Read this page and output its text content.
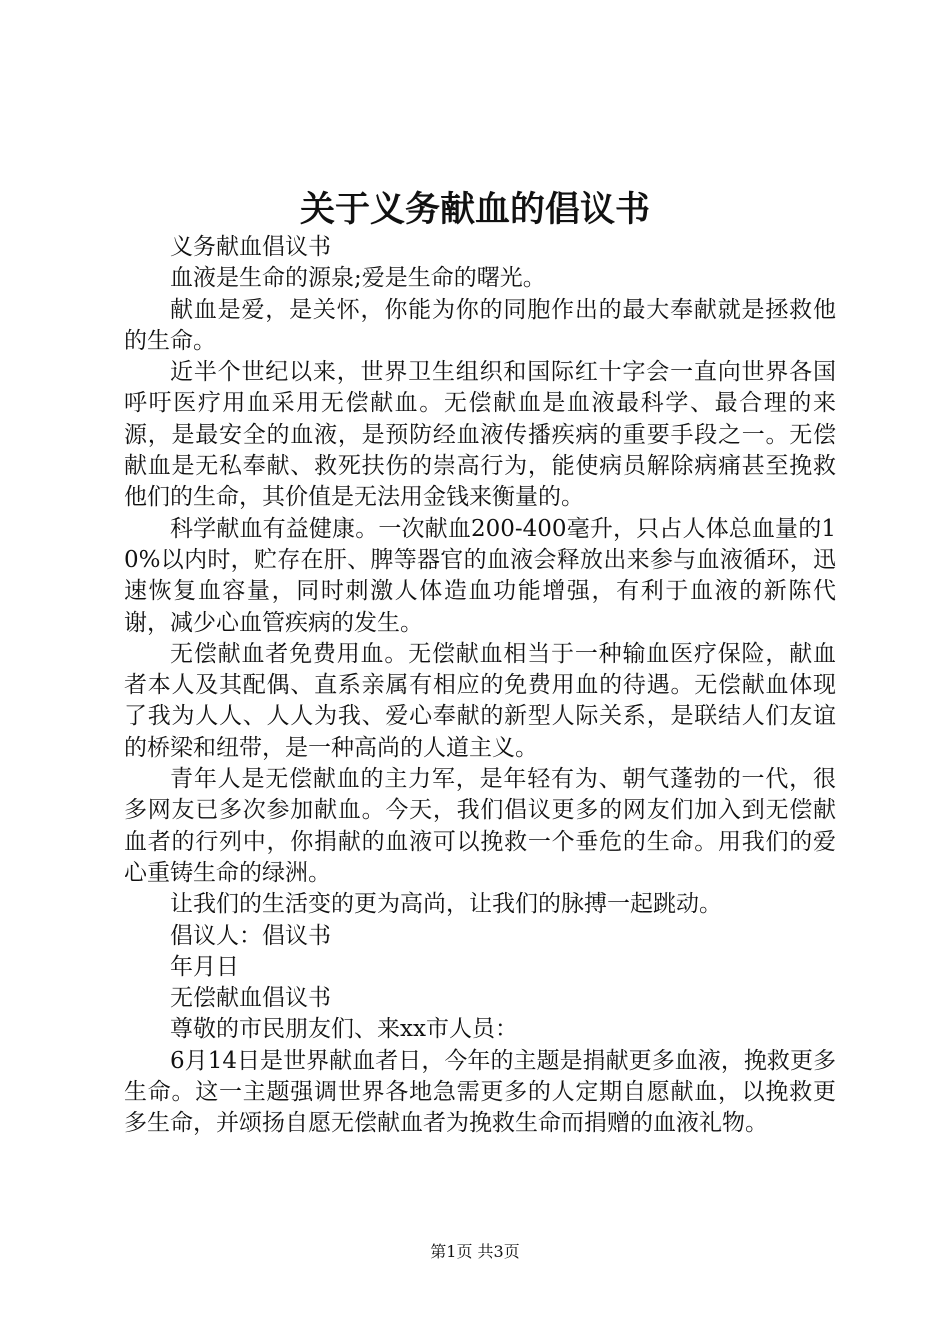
关于义务献血的倡议书

义务献血倡议书

血液是生命的源泉;爱是生命的曙光。

献血是爱，是关怀，你能为你的同胞作出的最大奉献就是拯救他的生命。

近半个世纪以来，世界卫生组织和国际红十字会一直向世界各国呼吁医疗用血采用无偿献血。无偿献血是血液最科学、最合理的来源，是最安全的血液，是预防经血液传播疾病的重要手段之一。无偿献血是无私奉献、救死扶伤的崇高行为，能使病员解除病痛甚至挽救他们的生命，其价值是无法用金钱来衡量的。

科学献血有益健康。一次献血200-400毫升，只占人体总血量的10%以内时，贮存在肝、脾等器官的血液会释放出来参与血液循环，迅速恢复血容量，同时刺激人体造血功能增强，有利于血液的新陈代谢，减少心血管疾病的发生。

无偿献血者免费用血。无偿献血相当于一种输血医疗保险，献血者本人及其配偶、直系亲属有相应的免费用血的待遇。无偿献血体现了我为人人、人人为我、爱心奉献的新型人际关系，是联结人们友谊的桥梁和纽带，是一种高尚的人道主义。

青年人是无偿献血的主力军，是年轻有为、朝气蓬勃的一代，很多网友已多次参加献血。今天，我们倡议更多的网友们加入到无偿献血者的行列中，你捐献的血液可以挽救一个垂危的生命。用我们的爱心重铸生命的绿洲。

让我们的生活变的更为高尚，让我们的脉搏一起跳动。

倡议人：倡议书

年月日

无偿献血倡议书

尊敬的市民朋友们、来xx市人员：

6月14日是世界献血者日，今年的主题是捐献更多血液，挽救更多生命。这一主题强调世界各地急需更多的人定期自愿献血，以挽救更多生命，并颂扬自愿无偿献血者为挽救生命而捐赠的血液礼物。

第1页 共3页
